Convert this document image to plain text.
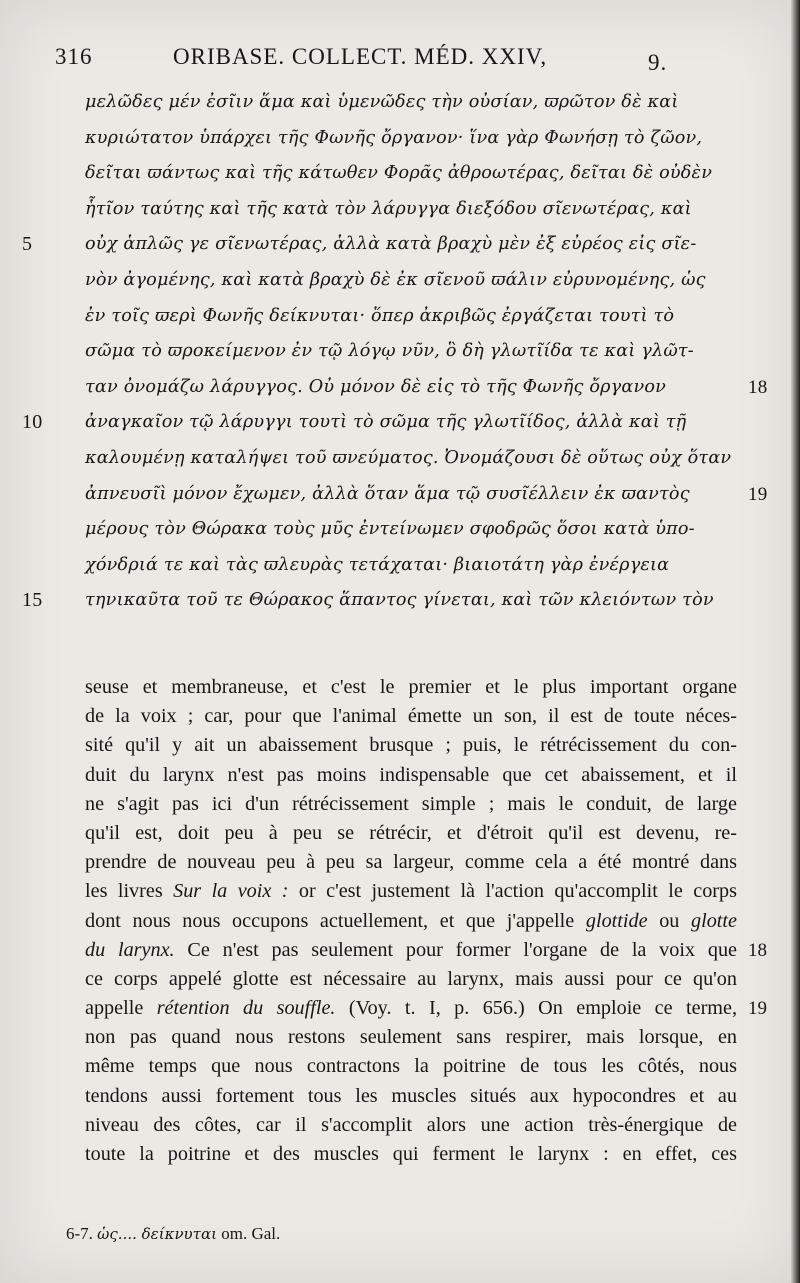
316	ORIBASE. COLLECT. MÉD. XXIV,	9.
μελῶδες μέν ἐσῖιν ἅμα καὶ ὑμενῶδες τὴν οὐσίαν, ϖρῶτον δὲ καὶ
κυριώτατον ὑπάρχει τῆς Φωνῆς ὄργανον· ἵνα γὰρ Φωνήσῃ τὸ ζῶον,
δεῖται ϖάντως καὶ τῆς κάτωθεν Φορᾶς ἀθροωτέρας, δεῖται δὲ οὐδὲν
ἧτῖον ταύτης καὶ τῆς κατὰ τὸν λάρυγγα διεξόδου σῖενωτέρας, καὶ
5	οὐχ ἁπλῶς γε σῖενωτέρας, ἀλλὰ κατὰ βραχὺ μὲν ἐξ εὐρέος εἰς σῖε-
νὸν ἀγομένης, καὶ κατὰ βραχὺ δὲ ἐκ σῖενοῦ ϖάλιν εὐρυνομένης, ὡς
ἐν τοῖς ϖερὶ Φωνῆς δείκνυται· ὅπερ ἀκριβῶς ἐργάζεται τουτὶ τὸ
σῶμα τὸ ϖροκείμενον ἐν τῷ λόγῳ νῦν, ὃ δὴ γλωτῖίδα τε καὶ γλῶτ-
ταν ὀνομάζω λάρυγγος. Οὐ μόνον δὲ εἰς τὸ τῆς Φωνῆς ὄργανον	18
10 ἀναγκαῖον τῷ λάρυγγι τουτὶ τὸ σῶμα τῆς γλωτῖίδος, ἀλλὰ καὶ τῇ
καλουμένῃ καταλήψει τοῦ ϖνεύματος. Ὀνομάζουσι δὲ οὕτως οὐχ ὅταν
ἀπνευσῖὶ μόνον ἔχωμεν, ἀλλὰ ὅταν ἅμα τῷ συσῖέλλειν ἐκ ϖαντὸς	19
μέρους τὸν Θώρακα τοὺς μῦς ἐντείνωμεν σφοδρῶς ὅσοι κατὰ ὑπο-
χόνδριά τε καὶ τὰς ϖλευρὰς τετάχαται· βιαιοτάτη γὰρ ἐνέργεια
15 τηνικαῦτα τοῦ τε Θώρακος ἅπαντος γίνεται, καὶ τῶν κλειόντων τὸν
seuse et membraneuse, et c'est le premier et le plus important organe
de la voix ; car, pour que l'animal émette un son, il est de toute néces-
sité qu'il y ait un abaissement brusque ; puis, le rétrécissement du con-
duit du larynx n'est pas moins indispensable que cet abaissement, et il
ne s'agit pas ici d'un rétrécissement simple ; mais le conduit, de large
qu'il est, doit peu à peu se rétrécir, et d'étroit qu'il est devenu, re-
prendre de nouveau peu à peu sa largeur, comme cela a été montré dans
les livres Sur la voix : or c'est justement là l'action qu'accomplit le corps
dont nous nous occupons actuellement, et que j'appelle glottide ou glotte
du larynx. Ce n'est pas seulement pour former l'organe de la voix que 18
ce corps appelé glotte est nécessaire au larynx, mais aussi pour ce qu'on
appelle rétention du souffle. (Voy. t. I, p. 656.) On emploie ce terme, 19
non pas quand nous restons seulement sans respirer, mais lorsque, en
même temps que nous contractons la poitrine de tous les côtés, nous
tendons aussi fortement tous les muscles situés aux hypocondres et au
niveau des côtes, car il s'accomplit alors une action très-énergique de
toute la poitrine et des muscles qui ferment le larynx : en effet, ces
6-7. ὡς.... δείκνυται om. Gal.
